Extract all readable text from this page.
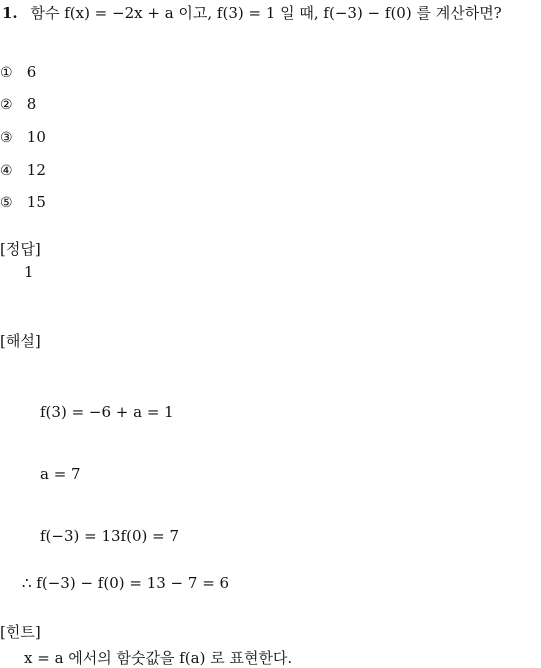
1. 함수 f(x) = −2x + a 이고, f(3) = 1 일 때, f(−3) − f(0) 를 계산하면?
① 6
② 8
③ 10
④ 12
⑤ 15
[정답]
1
[해설]
f(3) = −6 + a = 1
a = 7
f(−3) = 13f(0) = 7
∴ f(−3) − f(0) = 13 − 7 = 6
[힌트]
x = a 에서의 함숫값을 f(a) 로 표현한다.
